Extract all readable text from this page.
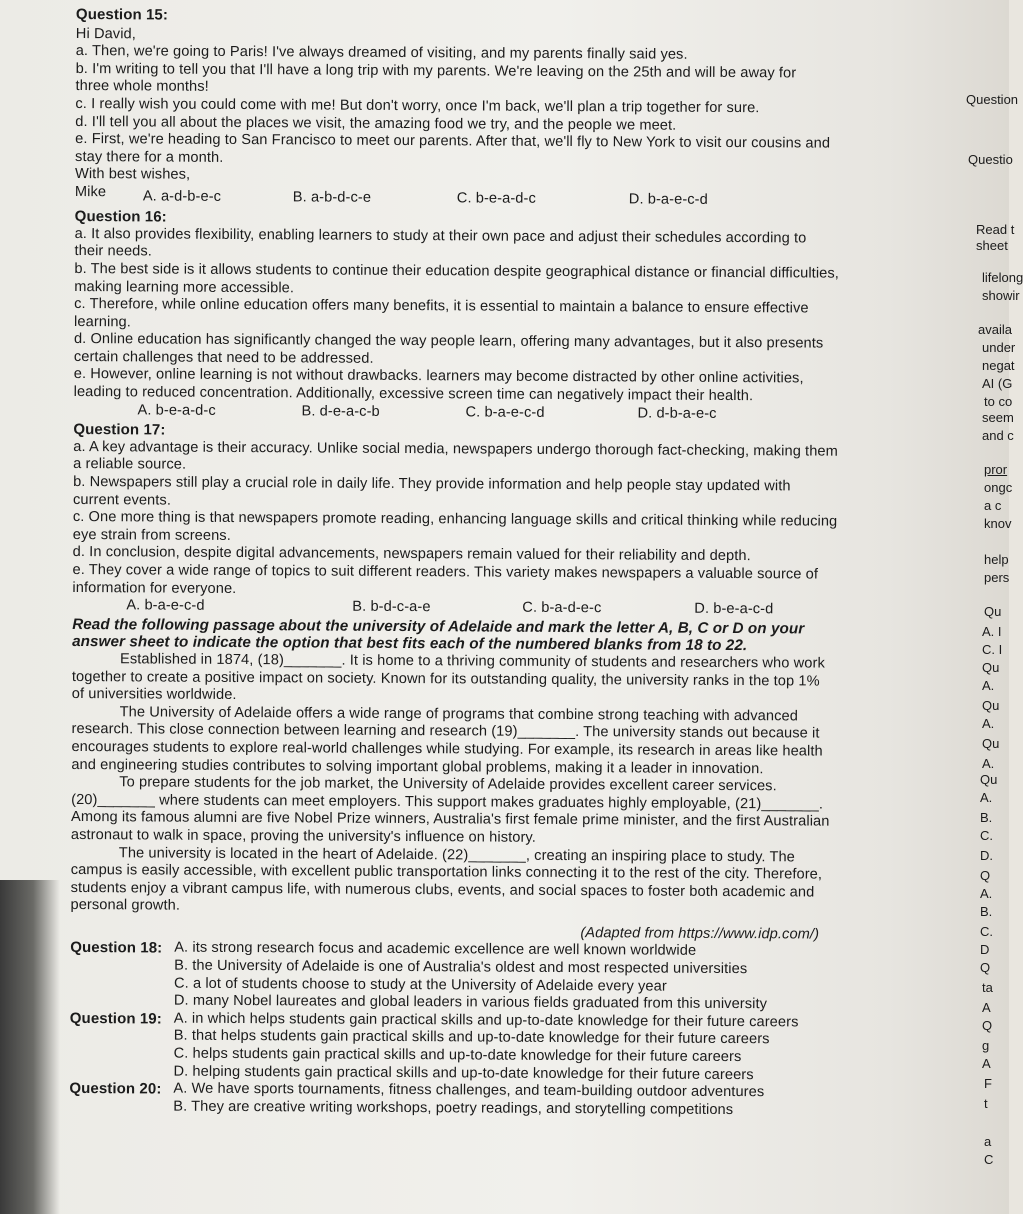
Question 15:
Hi David,
a. Then, we're going to Paris! I've always dreamed of visiting, and my parents finally said yes.
b. I'm writing to tell you that I'll have a long trip with my parents. We're leaving on the 25th and will be away for
three whole months!
c. I really wish you could come with me! But don't worry, once I'm back, we'll plan a trip together for sure.
d. I'll tell you all about the places we visit, the amazing food we try, and the people we meet.
e. First, we're heading to San Francisco to meet our parents. After that, we'll fly to New York to visit our cousins and
stay there for a month.
With best wishes,
Mike	A. a-d-b-e-c	B. a-b-d-c-e	C. b-e-a-d-c	D. b-a-e-c-d
Question 16:
a. It also provides flexibility, enabling learners to study at their own pace and adjust their schedules according to
their needs.
b. The best side is it allows students to continue their education despite geographical distance or financial difficulties,
making learning more accessible.
c. Therefore, while online education offers many benefits, it is essential to maintain a balance to ensure effective
learning.
d. Online education has significantly changed the way people learn, offering many advantages, but it also presents
certain challenges that need to be addressed.
e. However, online learning is not without drawbacks. learners may become distracted by other online activities,
leading to reduced concentration. Additionally, excessive screen time can negatively impact their health.
A. b-e-a-d-c	B. d-e-a-c-b	C. b-a-e-c-d	D. d-b-a-e-c
Question 17:
a. A key advantage is their accuracy. Unlike social media, newspapers undergo thorough fact-checking, making them
a reliable source.
b. Newspapers still play a crucial role in daily life. They provide information and help people stay updated with
current events.
c. One more thing is that newspapers promote reading, enhancing language skills and critical thinking while reducing
eye strain from screens.
d. In conclusion, despite digital advancements, newspapers remain valued for their reliability and depth.
e. They cover a wide range of topics to suit different readers. This variety makes newspapers a valuable source of
information for everyone.
A. b-a-e-c-d	B. b-d-c-a-e	C. b-a-d-e-c	D. b-e-a-c-d
Read the following passage about the university of Adelaide and mark the letter A, B, C or D on your
answer sheet to indicate the option that best fits each of the numbered blanks from 18 to 22.
Established in 1874, (18)_______. It is home to a thriving community of students and researchers who work
together to create a positive impact on society. Known for its outstanding quality, the university ranks in the top 1%
of universities worldwide.
The University of Adelaide offers a wide range of programs that combine strong teaching with advanced
research. This close connection between learning and research (19)_______. The university stands out because it
encourages students to explore real-world challenges while studying. For example, its research in areas like health
and engineering studies contributes to solving important global problems, making it a leader in innovation.
To prepare students for the job market, the University of Adelaide provides excellent career services.
(20)_______ where students can meet employers. This support makes graduates highly employable, (21)_______.
Among its famous alumni are five Nobel Prize winners, Australia's first female prime minister, and the first Australian
astronaut to walk in space, proving the university's influence on history.
The university is located in the heart of Adelaide. (22)_______, creating an inspiring place to study. The
campus is easily accessible, with excellent public transportation links connecting it to the rest of the city. Therefore,
students enjoy a vibrant campus life, with numerous clubs, events, and social spaces to foster both academic and
personal growth.
(Adapted from https://www.idp.com/)
Question 18: A. its strong research focus and academic excellence are well known worldwide
B. the University of Adelaide is one of Australia's oldest and most respected universities
C. a lot of students choose to study at the University of Adelaide every year
D. many Nobel laureates and global leaders in various fields graduated from this university
Question 19: A. in which helps students gain practical skills and up-to-date knowledge for their future careers
B. that helps students gain practical skills and up-to-date knowledge for their future careers
C. helps students gain practical skills and up-to-date knowledge for their future careers
D. helping students gain practical skills and up-to-date knowledge for their future careers
Question 20: A. We have sports tournaments, fitness challenges, and team-building outdoor adventures
B. They are creative writing workshops, poetry readings, and storytelling competitions
Question
Questio
Read t
sheet
lifelong
showir
availa
under
negat
AI (G
to co
seem
and c
pror
ongc
a c
knov
help
pers
Qu
A. I
C. I
Qu
A.
Qu
A.
Qu
A.
Qu
A.
B.
C.
D.
Q
A.
B.
C.
D
Q
ta
A
Q
g
A
F
t
a
C
